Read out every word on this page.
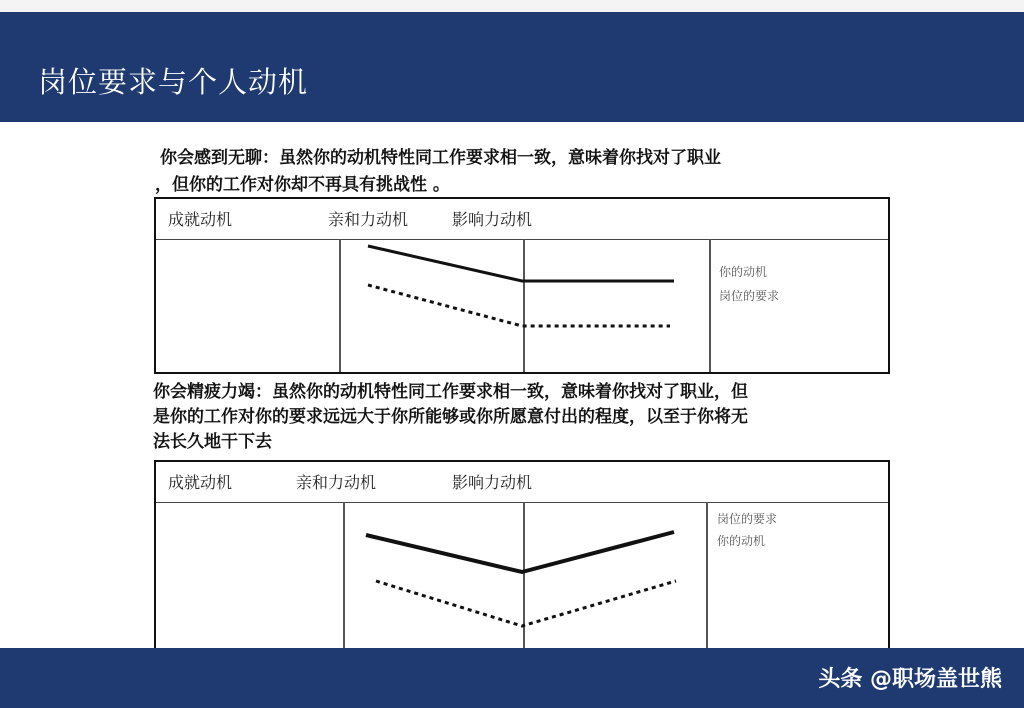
岗位要求与个人动机

你会感到无聊：虽然你的动机特性同工作要求相一致，意味着你找对了职业

，但你的工作对你却不再具有挑战性 。

成就动机	亲和力动机	影响力动机
你的动机
岗位的要求

你会精疲力竭：虽然你的动机特性同工作要求相一致，意味着你找对了职业，但

是你的工作对你的要求远远大于你所能够或你所愿意付出的程度，以至于你将无

法长久地干下去

成就动机	亲和力动机	影响力动机
岗位的要求
你的动机
头条 @职场盖世熊
